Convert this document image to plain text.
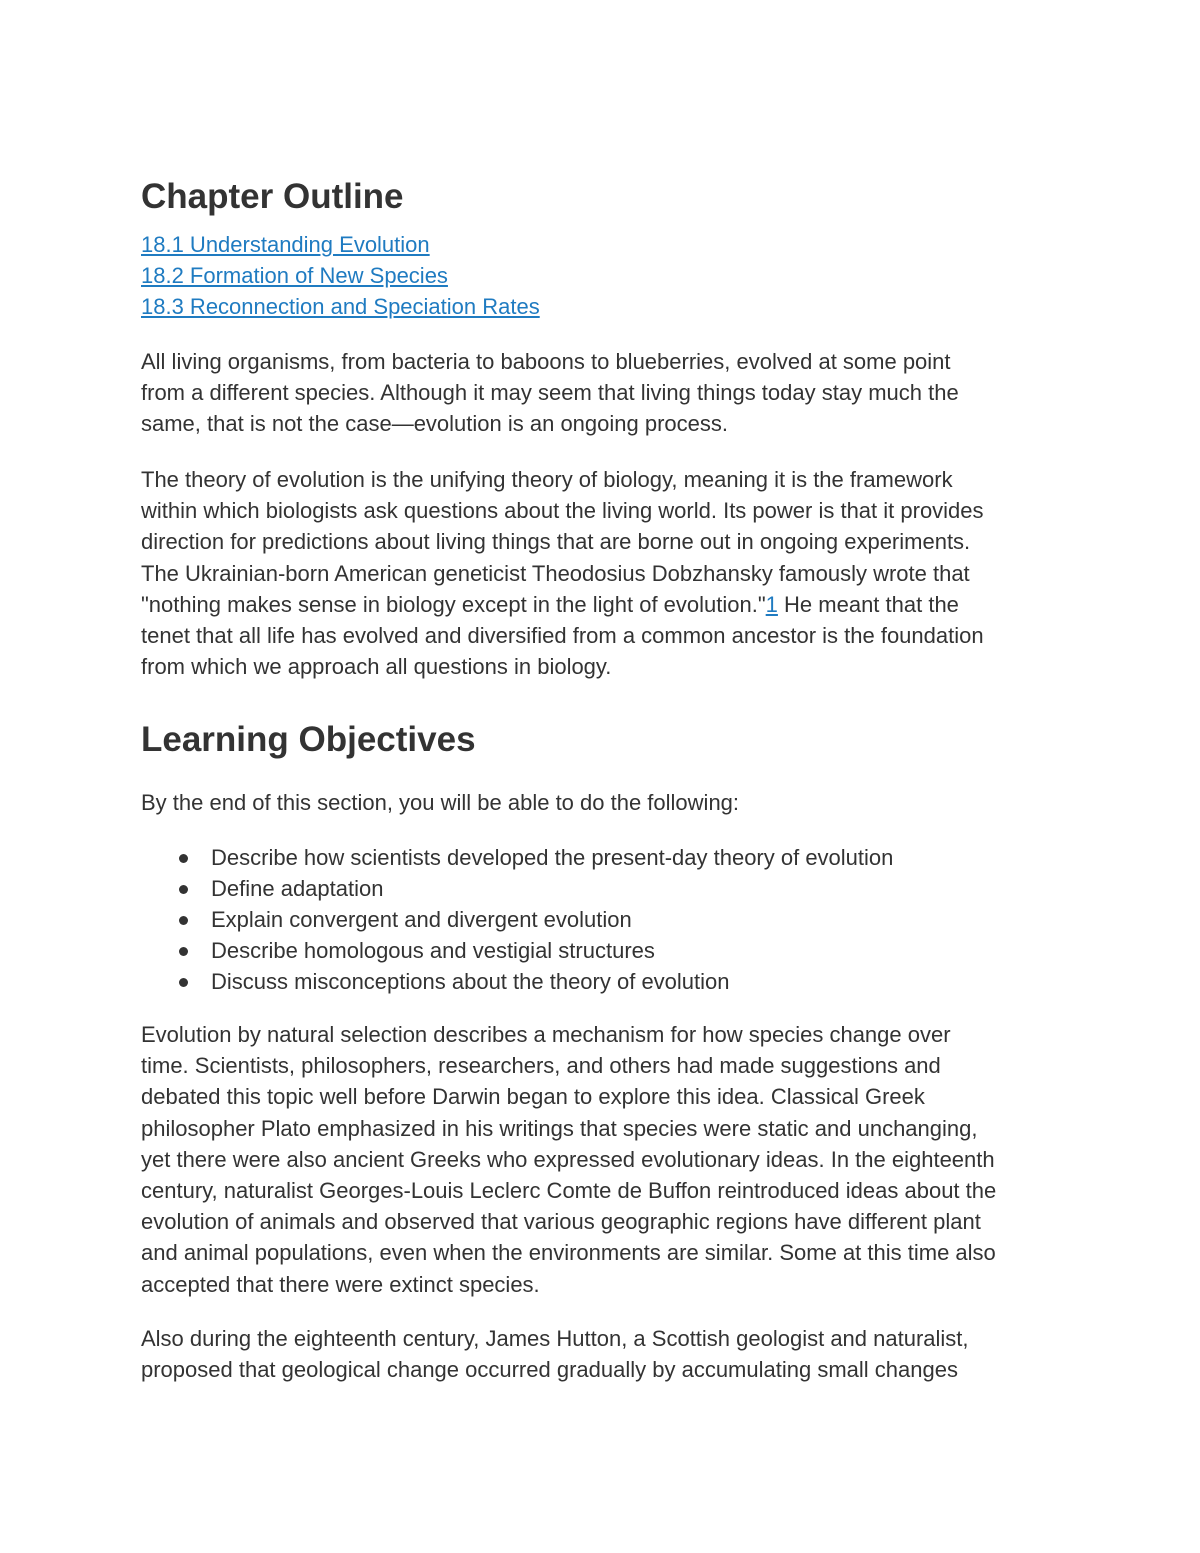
Chapter Outline
18.1 Understanding Evolution
18.2 Formation of New Species
18.3 Reconnection and Speciation Rates

All living organisms, from bacteria to baboons to blueberries, evolved at some point
from a different species. Although it may seem that living things today stay much the
same, that is not the case—evolution is an ongoing process.

The theory of evolution is the unifying theory of biology, meaning it is the framework
within which biologists ask questions about the living world. Its power is that it provides
direction for predictions about living things that are borne out in ongoing experiments.
The Ukrainian-born American geneticist Theodosius Dobzhansky famously wrote that
"nothing makes sense in biology except in the light of evolution."1 He meant that the
tenet that all life has evolved and diversified from a common ancestor is the foundation
from which we approach all questions in biology.

Learning Objectives

By the end of this section, you will be able to do the following:

Describe how scientists developed the present-day theory of evolution
Define adaptation
Explain convergent and divergent evolution
Describe homologous and vestigial structures
Discuss misconceptions about the theory of evolution

Evolution by natural selection describes a mechanism for how species change over
time. Scientists, philosophers, researchers, and others had made suggestions and
debated this topic well before Darwin began to explore this idea. Classical Greek
philosopher Plato emphasized in his writings that species were static and unchanging,
yet there were also ancient Greeks who expressed evolutionary ideas. In the eighteenth
century, naturalist Georges-Louis Leclerc Comte de Buffon reintroduced ideas about the
evolution of animals and observed that various geographic regions have different plant
and animal populations, even when the environments are similar. Some at this time also
accepted that there were extinct species.

Also during the eighteenth century, James Hutton, a Scottish geologist and naturalist,
proposed that geological change occurred gradually by accumulating small changes
